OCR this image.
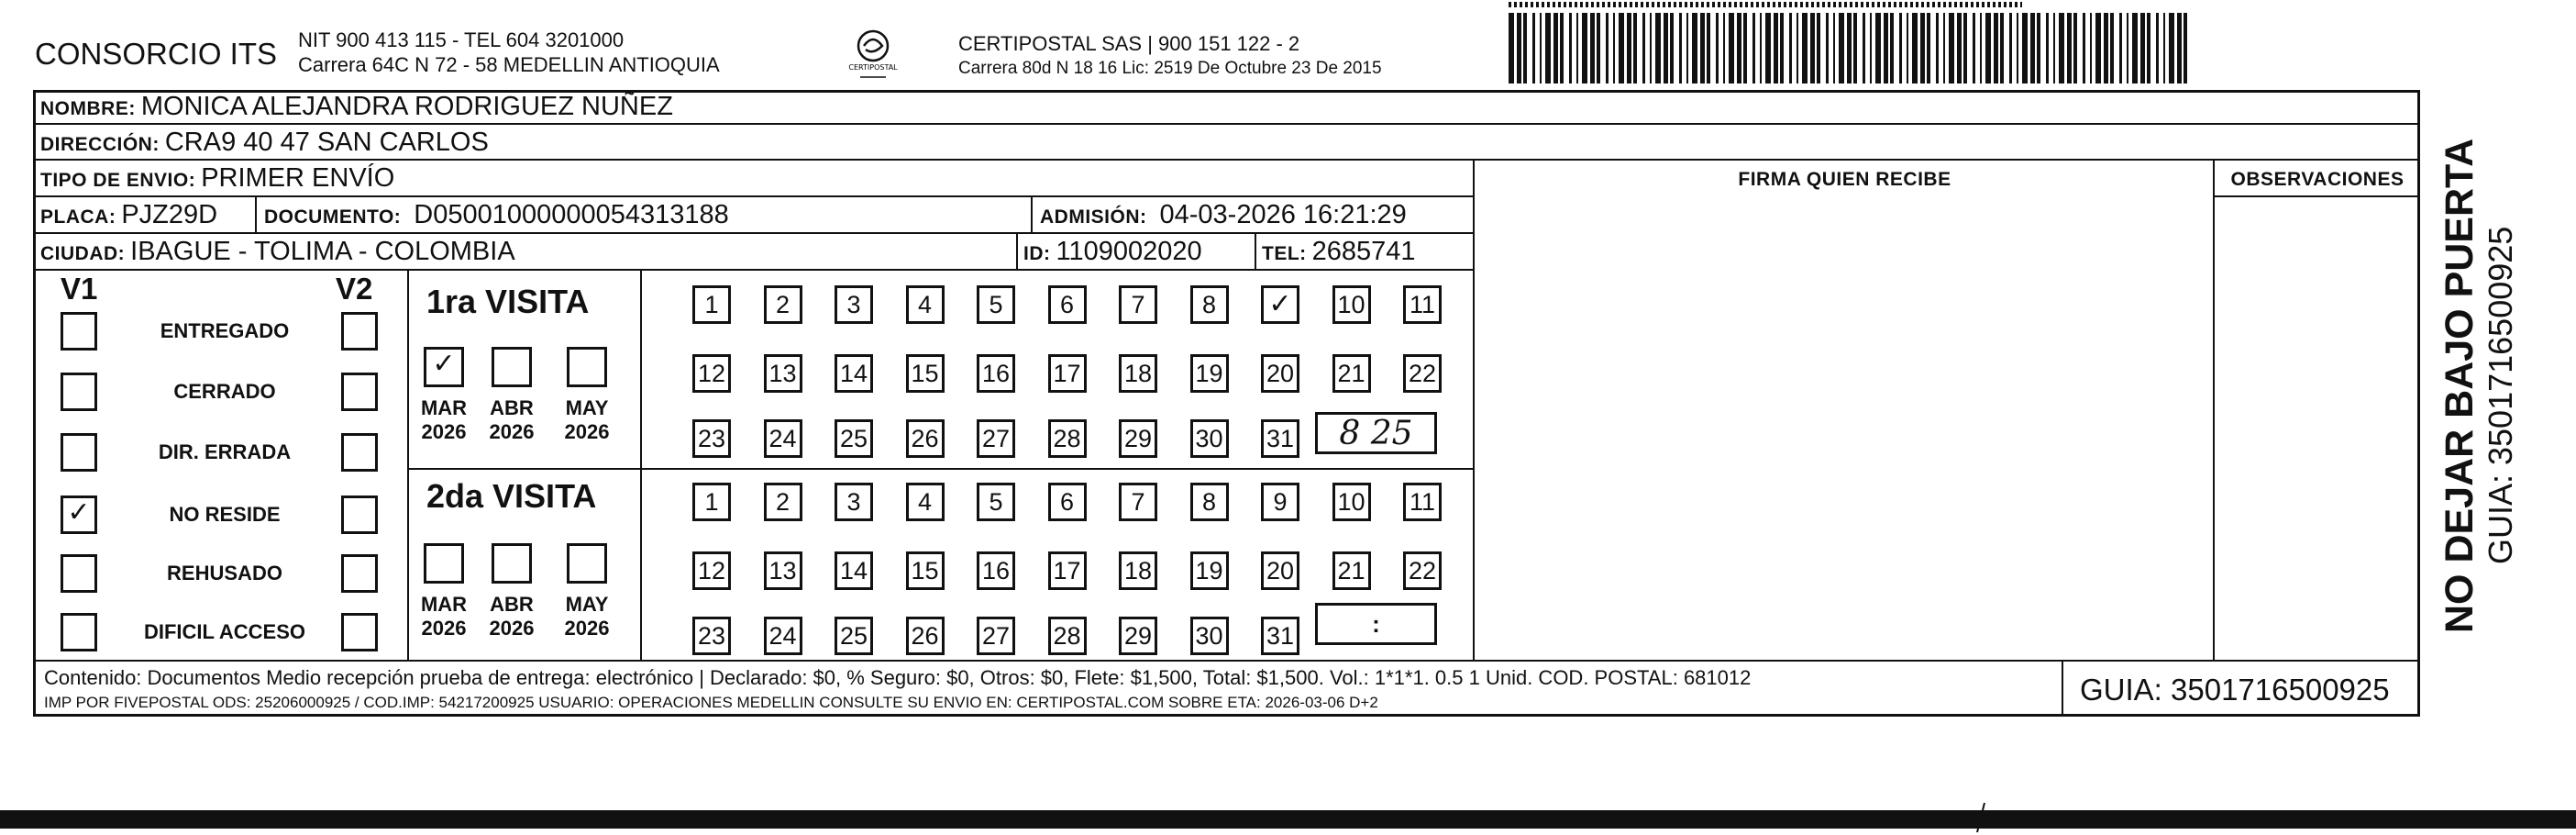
CONSORCIO ITS NIT 900 413 115 - TEL 604 3201000
Carrera 64C N 72 - 58 MEDELLIN ANTIOQUIA	CERTIPOSTAL
CERTIPOSTAL SAS | 900 151 122 - 2
Carrera 80d N 18 16 Lic: 2519 De Octubre 23 De 2015
NOMBRE: MONICA ALEJANDRA RODRIGUEZ NUÑEZ
DIRECCIÓN: CRA9 40 47 SAN CARLOS
TIPO DE ENVIO: PRIMER ENVÍO
PLACA: PJZ29D DOCUMENTO: D05001000000054313188	ADMISIÓN: 04-03-2026 16:21:29
CIUDAD: IBAGUE - TOLIMA - COLOMBIA	ID: 1109002020	TEL: 2685741
FIRMA QUIEN RECIBE	OBSERVACIONES
V1	V2
ENTREGADO
CERRADO
DIR. ERRADA
✓	NO RESIDE
REHUSADO
DIFICIL ACCESO
1ra VISITA
✓
MAR
2026
ABR
2026
MAY
2026
1 2 3 4 5 6 7 8 ✓ 10 11
12 13 14 15 16 17 18 19 20 21 22
23 24 25 26 27 28 29 30 31 8 25
2da VISITA
MAR
2026
ABR
2026
MAY
2026
1 2 3 4 5 6 7 8 9 10 11
12 13 14 15 16 17 18 19 20 21 22
23 24 25 26 27 28 29 30 31	:
Contenido: Documentos Medio recepción prueba de entrega: electrónico | Declarado: $0, % Seguro: $0, Otros: $0, Flete: $1,500, Total: $1,500. Vol.: 1*1*1. 0.5 1 Unid. COD. POSTAL: 681012
IMP POR FIVEPOSTAL ODS: 25206000925 / COD.IMP: 54217200925 USUARIO: OPERACIONES MEDELLIN CONSULTE SU ENVIO EN: CERTIPOSTAL.COM SOBRE ETA: 2026-03-06 D+2	GUIA: 3501716500925
NO DEJAR BAJO PUERTA GUIA: 3501716500925
